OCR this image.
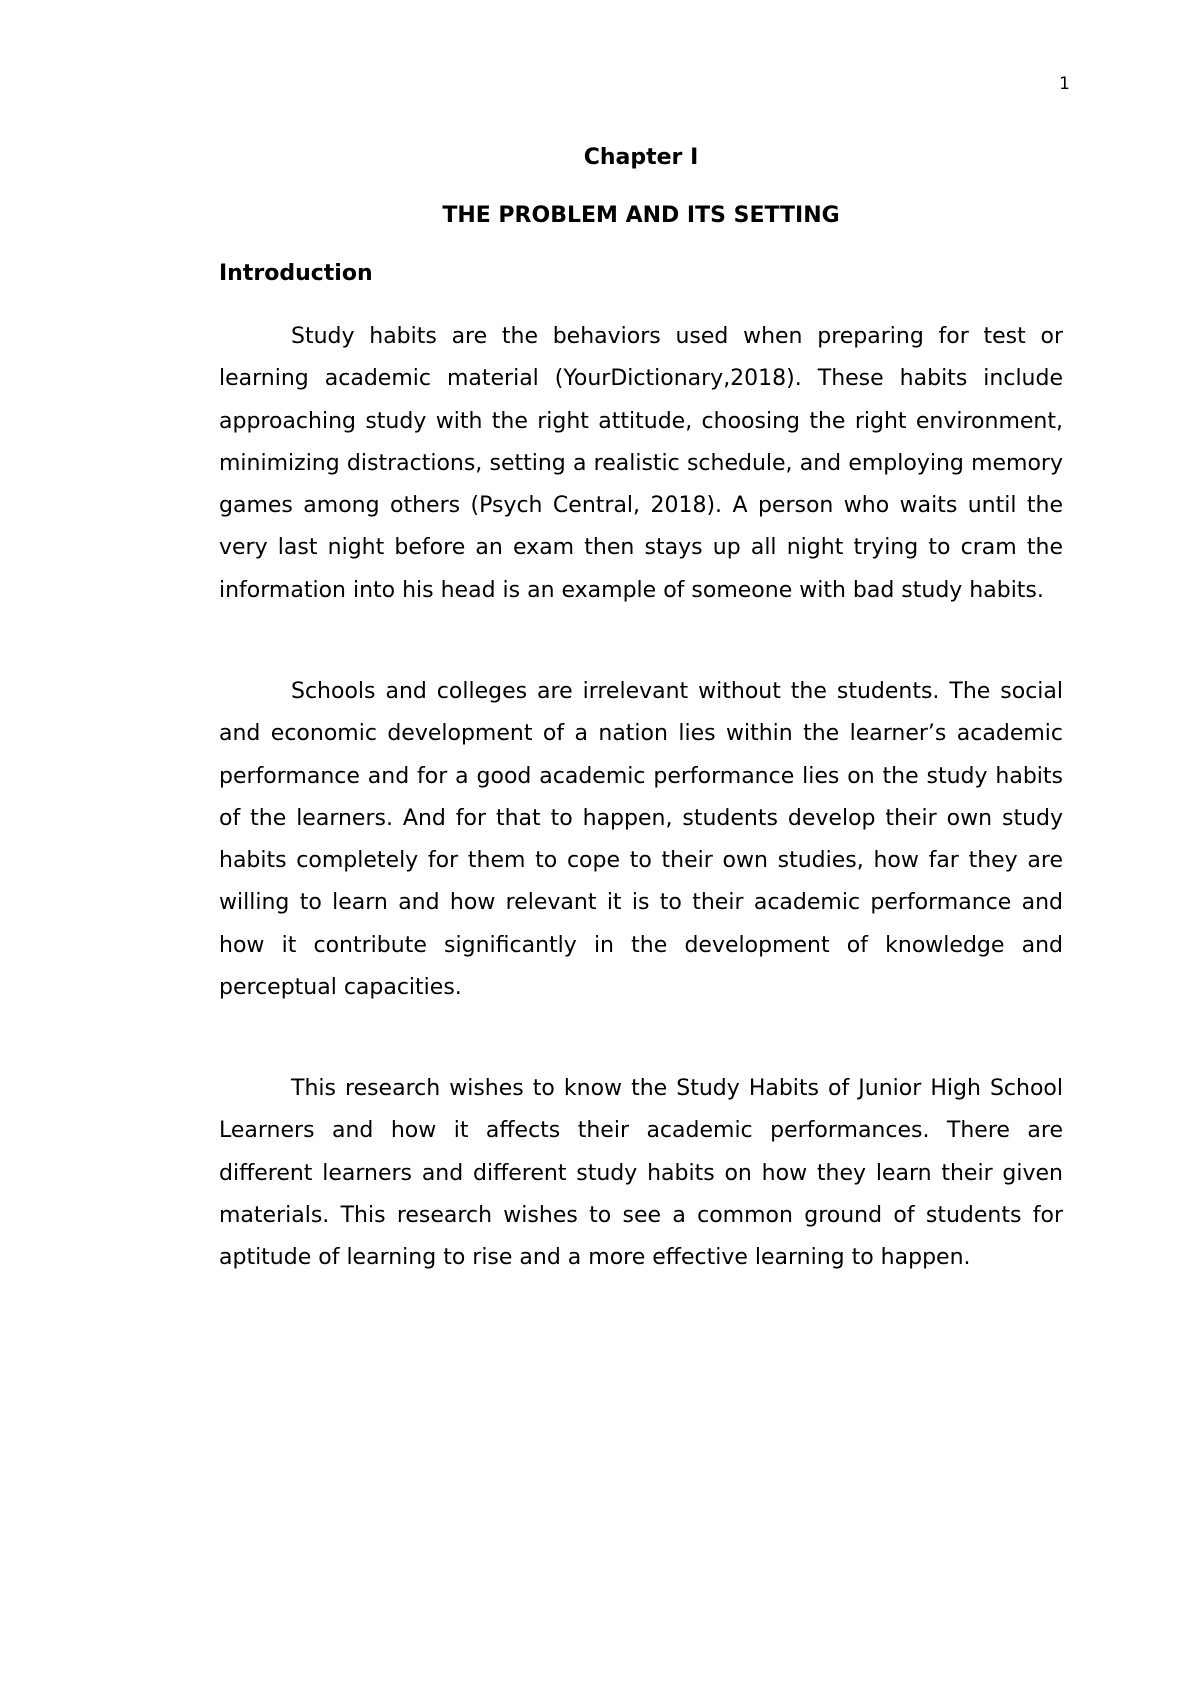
1
Chapter I
THE PROBLEM AND ITS SETTING
Introduction

Study habits are the behaviors used when preparing for test or learning academic material (YourDictionary,2018). These habits include approaching study with the right attitude, choosing the right environment, minimizing distractions, setting a realistic schedule, and employing memory games among others (Psych Central, 2018). A person who waits until the very last night before an exam then stays up all night trying to cram the information into his head is an example of someone with bad study habits.

Schools and colleges are irrelevant without the students. The social and economic development of a nation lies within the learner’s academic performance and for a good academic performance lies on the study habits of the learners. And for that to happen, students develop their own study habits completely for them to cope to their own studies, how far they are willing to learn and how relevant it is to their academic performance and how it contribute significantly in the development of knowledge and perceptual capacities.

This research wishes to know the Study Habits of Junior High School Learners and how it affects their academic performances. There are different learners and different study habits on how they learn their given materials. This research wishes to see a common ground of students for aptitude of learning to rise and a more effective learning to happen.
